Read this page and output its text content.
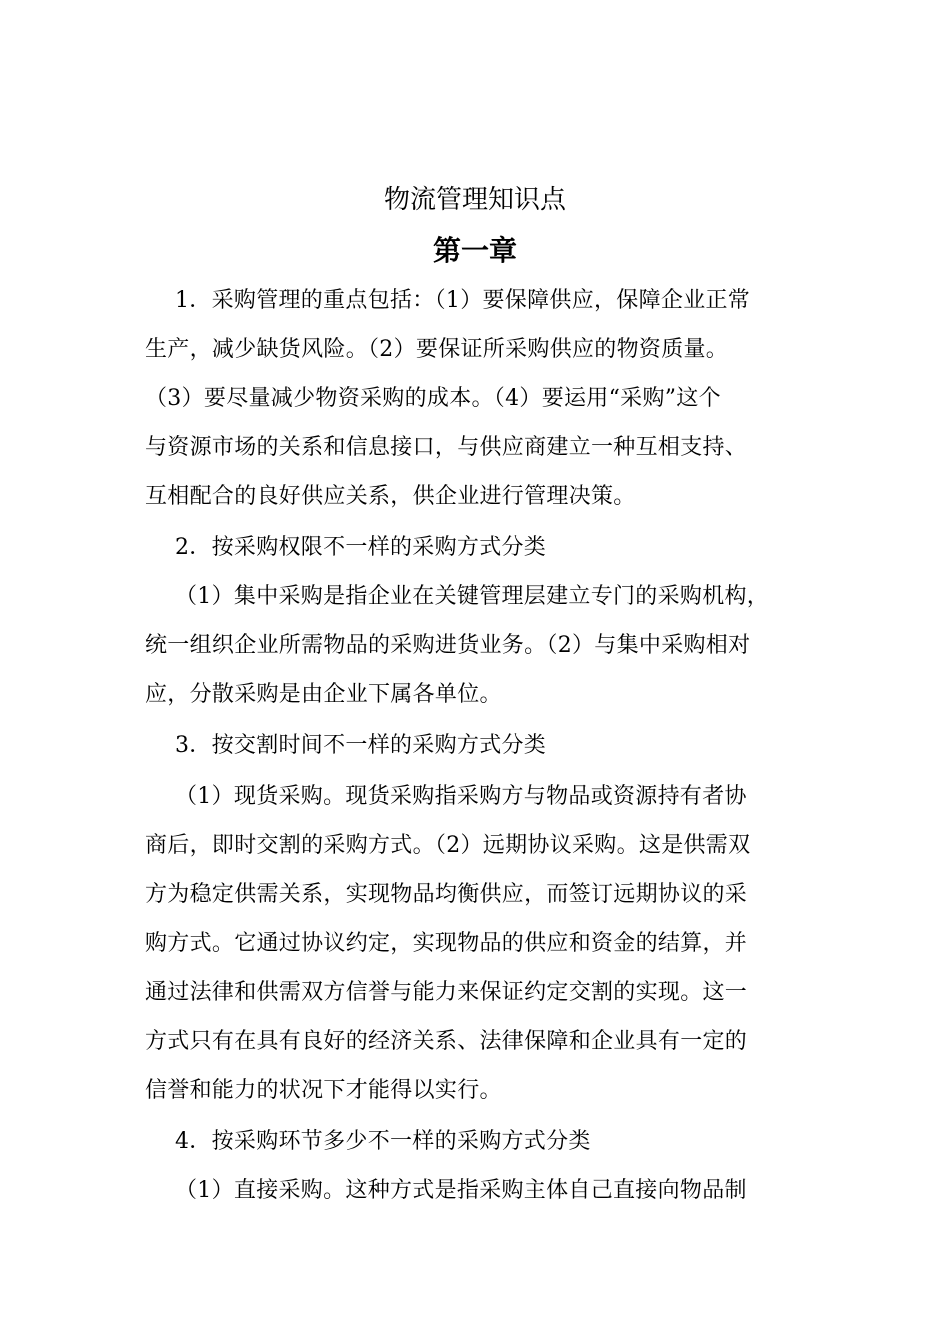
物流管理知识点
第一章
1．采购管理的重点包括：（1）要保障供应，保障企业正常
生产，减少缺货风险。（2）要保证所采购供应的物资质量。
（3）要尽量减少物资采购的成本。（4）要运用“采购”这个
与资源市场的关系和信息接口，与供应商建立一种互相支持、
互相配合的良好供应关系，供企业进行管理决策。
2．按采购权限不一样的采购方式分类
（1）集中采购是指企业在关键管理层建立专门的采购机构，
统一组织企业所需物品的采购进货业务。（2）与集中采购相对
应，分散采购是由企业下属各单位。
3．按交割时间不一样的采购方式分类
（1）现货采购。现货采购指采购方与物品或资源持有者协
商后，即时交割的采购方式。（2）远期协议采购。这是供需双
方为稳定供需关系，实现物品均衡供应，而签订远期协议的采
购方式。它通过协议约定，实现物品的供应和资金的结算，并
通过法律和供需双方信誉与能力来保证约定交割的实现。这一
方式只有在具有良好的经济关系、法律保障和企业具有一定的
信誉和能力的状况下才能得以实行。
4．按采购环节多少不一样的采购方式分类
（1）直接采购。这种方式是指采购主体自己直接向物品制
